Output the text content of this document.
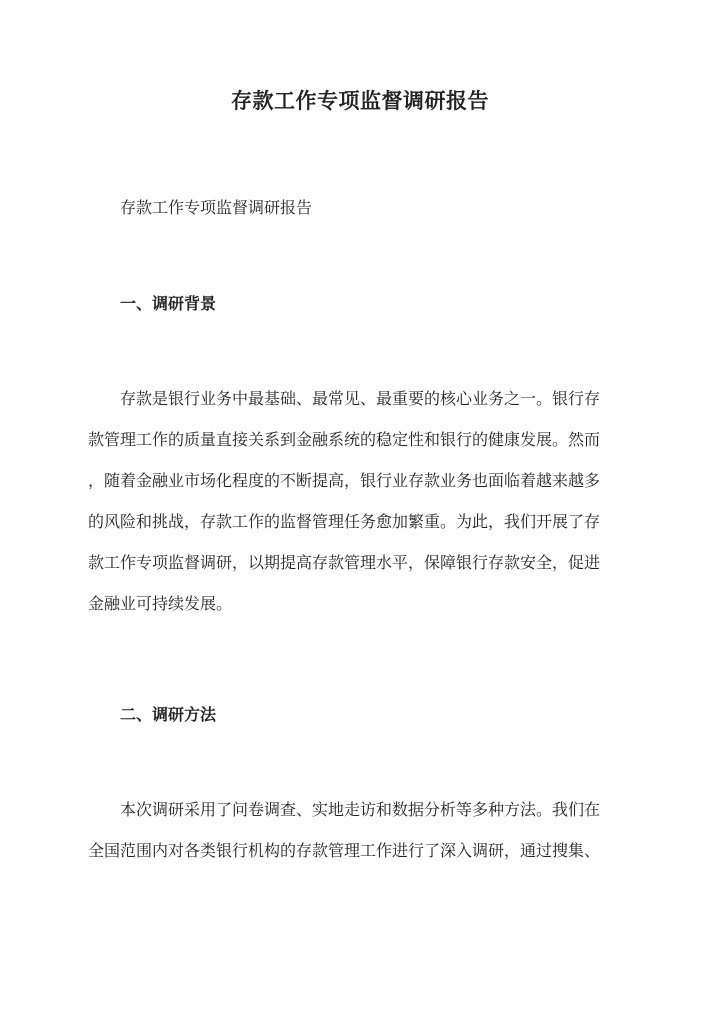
存款工作专项监督调研报告

存款工作专项监督调研报告

一、调研背景
存款是银行业务中最基础、最常见、最重要的核心业务之一。银行存
款管理工作的质量直接关系到金融系统的稳定性和银行的健康发展。然而
，随着金融业市场化程度的不断提高，银行业存款业务也面临着越来越多
的风险和挑战，存款工作的监督管理任务愈加繁重。为此，我们开展了存
款工作专项监督调研，以期提高存款管理水平，保障银行存款安全，促进
金融业可持续发展。
二、调研方法
本次调研采用了问卷调查、实地走访和数据分析等多种方法。我们在
全国范围内对各类银行机构的存款管理工作进行了深入调研，通过搜集、
